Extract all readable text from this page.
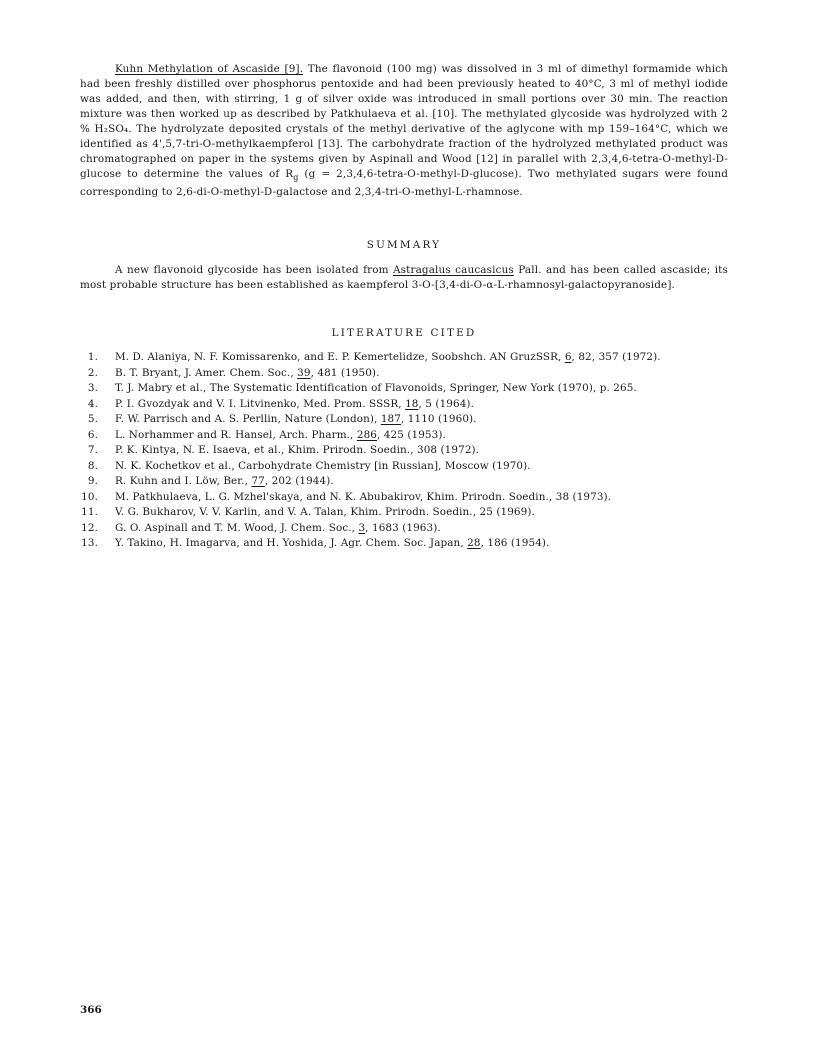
Kuhn Methylation of Ascaside [9]. The flavonoid (100 mg) was dissolved in 3 ml of dimethyl formamide which had been freshly distilled over phosphorus pentoxide and had been previously heated to 40°C, 3 ml of methyl iodide was added, and then, with stirring, 1 g of silver oxide was introduced in small portions over 30 min. The reaction mixture was then worked up as described by Patkhulaeva et al. [10]. The methylated glycoside was hydrolyzed with 2 % H₂SO₄. The hydrolyzate deposited crystals of the methyl derivative of the aglycone with mp 159–164°C, which we identified as 4',5,7-tri-O-methylkaempferol [13]. The carbohydrate fraction of the hydrolyzed methylated product was chromatographed on paper in the systems given by Aspinall and Wood [12] in parallel with 2,3,4,6-tetra-O-methyl-D-glucose to determine the values of $R_g$ (g = 2,3,4,6-tetra-O-methyl-D-glucose). Two methylated sugars were found corresponding to 2,6-di-O-methyl-D-galactose and 2,3,4-tri-O-methyl-L-rhamnose.

SUMMARY

A new flavonoid glycoside has been isolated from Astragalus caucasicus Pall. and has been called ascaside; its most probable structure has been established as kaempferol 3-O-[3,4-di-O-α-L-rhamnosyl-galactopyranoside].

LITERATURE CITED

1. M. D. Alaniya, N. F. Komissarenko, and E. P. Kemertelidze, Soobshch. AN GruzSSR, 6, 82, 357 (1972).
2. B. T. Bryant, J. Amer. Chem. Soc., 39, 481 (1950).
3. T. J. Mabry et al., The Systematic Identification of Flavonoids, Springer, New York (1970), p. 265.
4. P. I. Gvozdyak and V. I. Litvinenko, Med. Prom. SSSR, 18, 5 (1964).
5. F. W. Parrisch and A. S. Perllin, Nature (London), 187, 1110 (1960).
6. L. Norhammer and R. Hansel, Arch. Pharm., 286, 425 (1953).
7. P. K. Kintya, N. E. Isaeva, et al., Khim. Prirodn. Soedin., 308 (1972).
8. N. K. Kochetkov et al., Carbohydrate Chemistry [in Russian], Moscow (1970).
9. R. Kuhn and I. Löw, Ber., 77, 202 (1944).
10. M. Patkhulaeva, L. G. Mzhel'skaya, and N. K. Abubakirov, Khim. Prirodn. Soedin., 38 (1973).
11. V. G. Bukharov, V. V. Karlin, and V. A. Talan, Khim. Prirodn. Soedin., 25 (1969).
12. G. O. Aspinall and T. M. Wood, J. Chem. Soc., 3, 1683 (1963).
13. Y. Takino, H. Imagarva, and H. Yoshida, J. Agr. Chem. Soc. Japan, 28, 186 (1954).
366
